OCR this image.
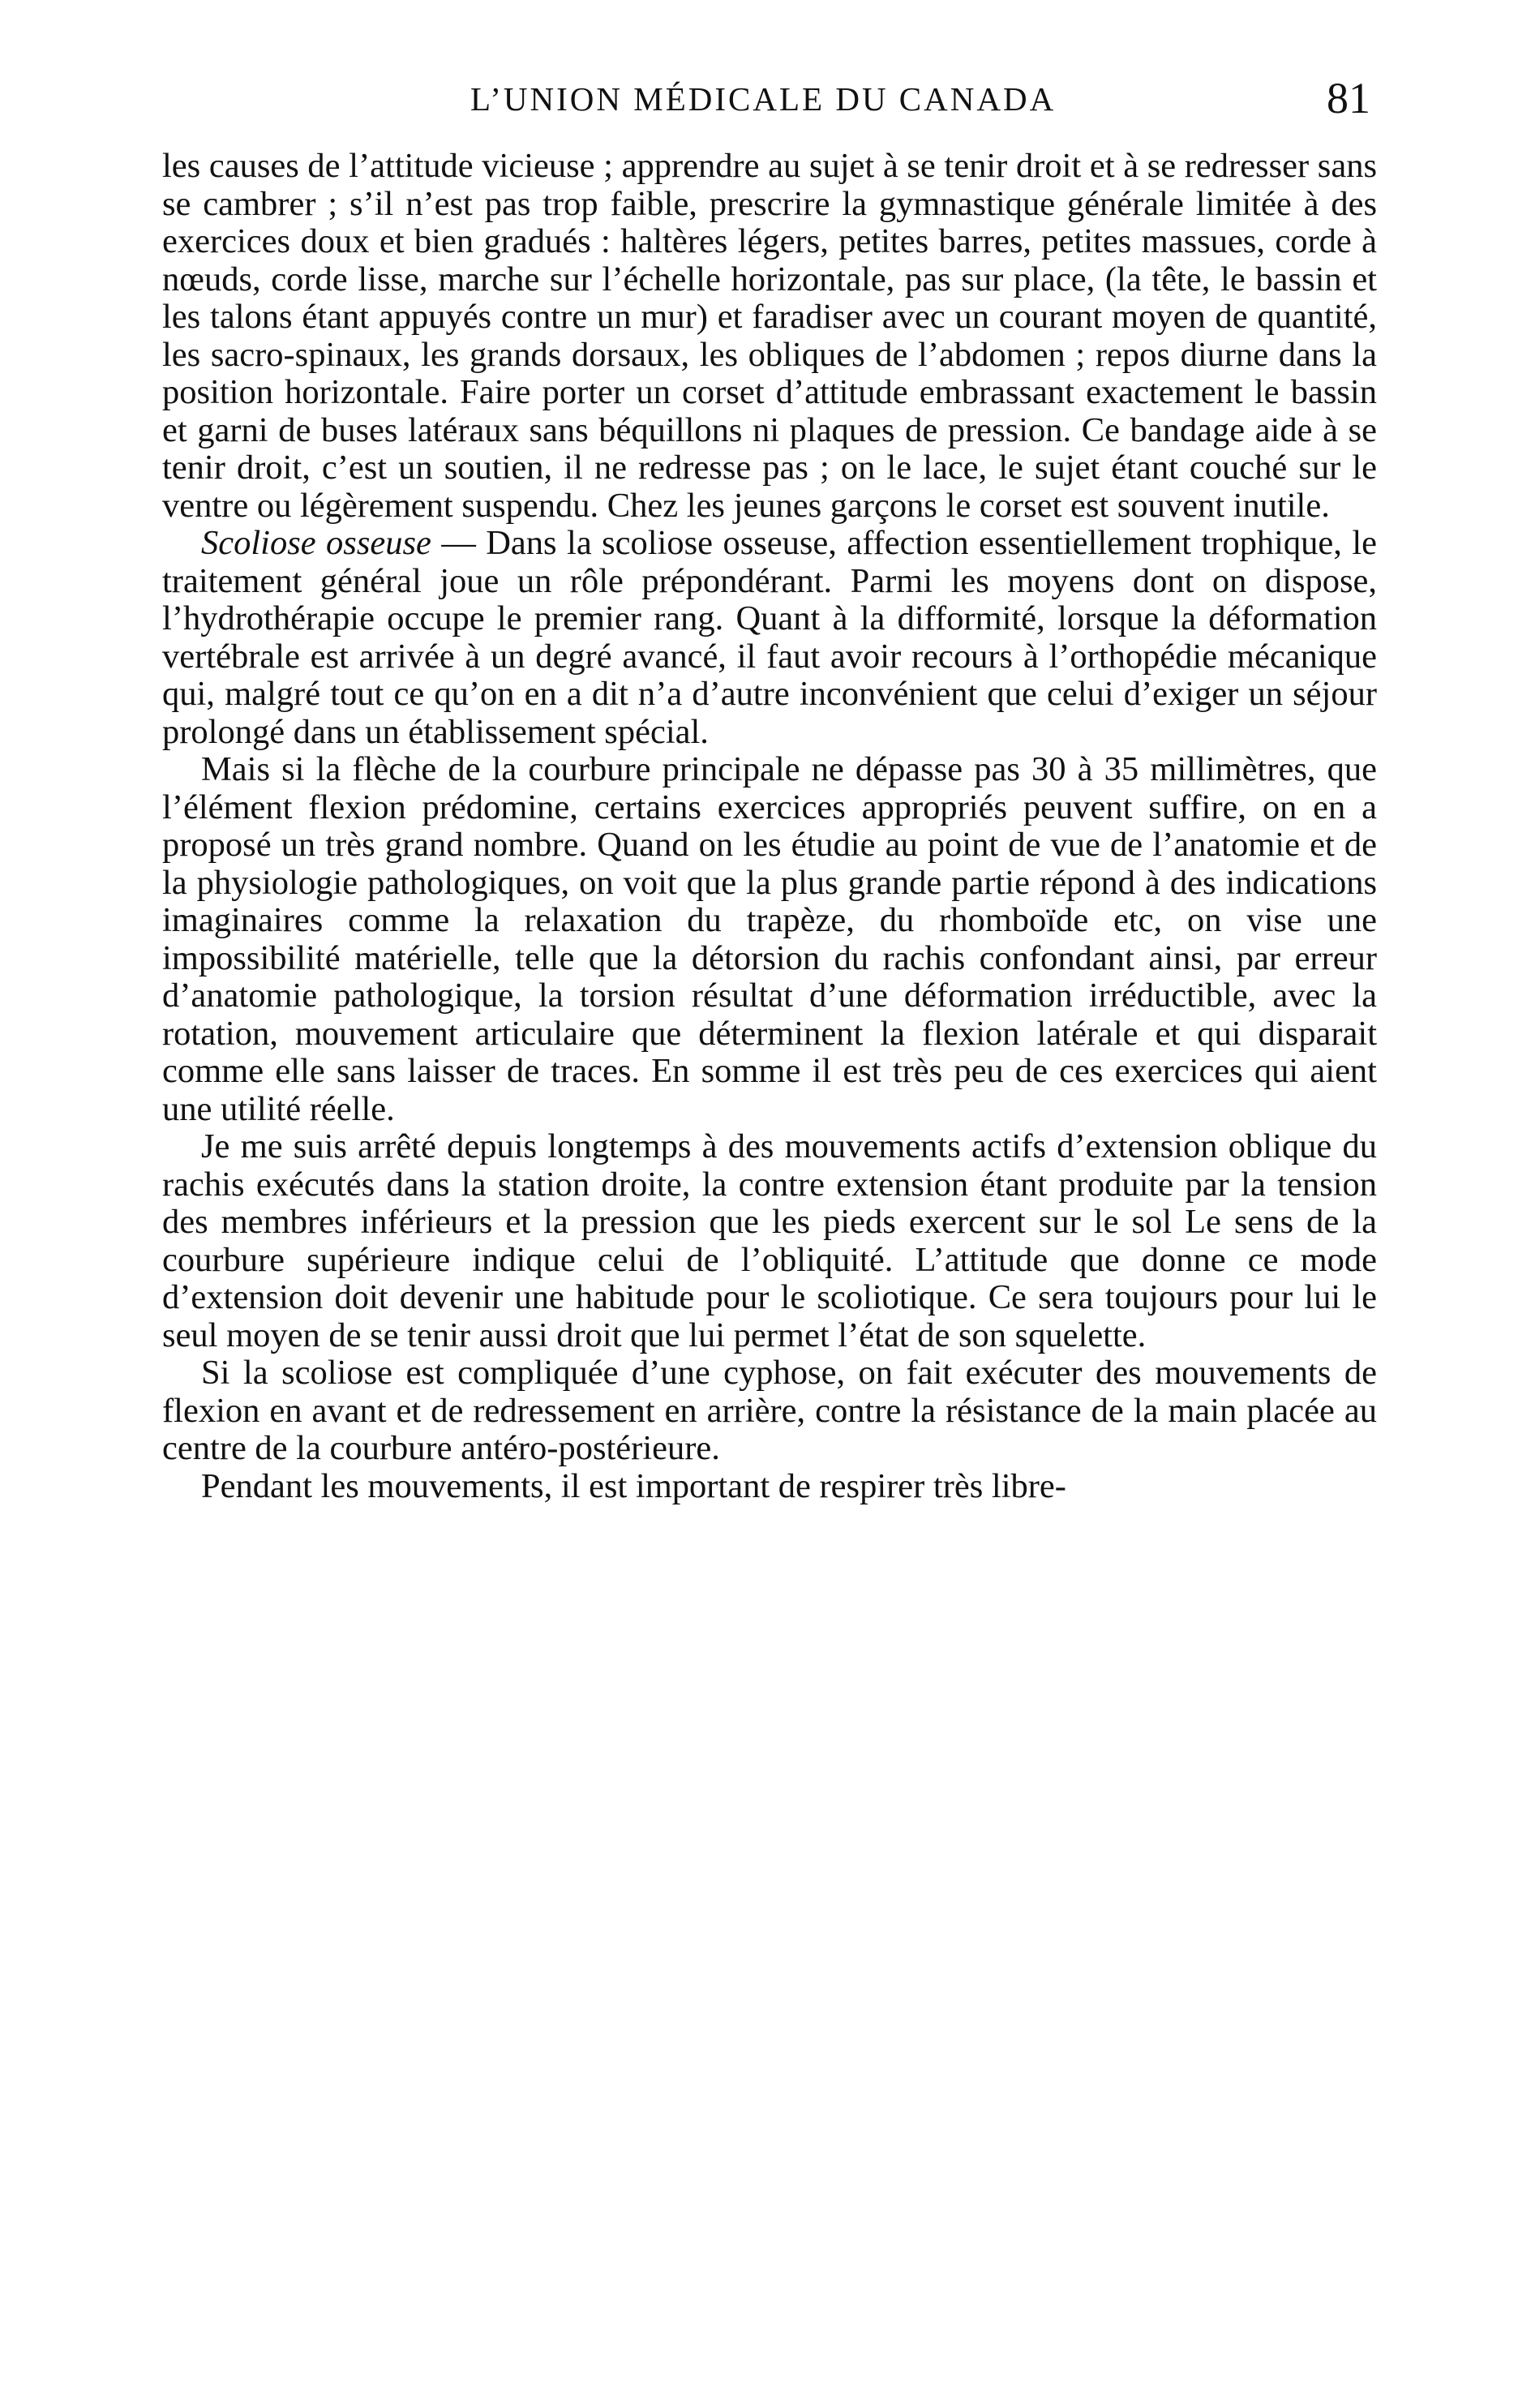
L’UNION MÉDICALE DU CANADA	81

les causes de l’attitude vicieuse ; apprendre au sujet à se tenir droit et à se redresser sans se cambrer ; s’il n’est pas trop faible, prescrire la gymnastique générale limitée à des exercices doux et bien gradués : haltères légers, petites barres, petites massues, corde à nœuds, corde lisse, marche sur l’échelle horizontale, pas sur place, (la tête, le bassin et les talons étant appuyés contre un mur) et faradiser avec un courant moyen de quantité, les sacro-spinaux, les grands dorsaux, les obliques de l’abdomen ; repos diurne dans la position horizontale. Faire porter un corset d’attitude embrassant exactement le bassin et garni de buses latéraux sans béquillons ni plaques de pression. Ce bandage aide à se tenir droit, c’est un soutien, il ne redresse pas ; on le lace, le sujet étant couché sur le ventre ou légèrement suspendu. Chez les jeunes garçons le corset est souvent inutile.

Scoliose osseuse — Dans la scoliose osseuse, affection essentiellement trophique, le traitement général joue un rôle prépondérant. Parmi les moyens dont on dispose, l’hydrothérapie occupe le premier rang. Quant à la difformité, lorsque la déformation vertébrale est arrivée à un degré avancé, il faut avoir recours à l’orthopédie mécanique qui, malgré tout ce qu’on en a dit n’a d’autre inconvénient que celui d’exiger un séjour prolongé dans un établissement spécial.

Mais si la flèche de la courbure principale ne dépasse pas 30 à 35 millimètres, que l’élément flexion prédomine, certains exercices appropriés peuvent suffire, on en a proposé un très grand nombre. Quand on les étudie au point de vue de l’anatomie et de la physiologie pathologiques, on voit que la plus grande partie répond à des indications imaginaires comme la relaxation du trapèze, du rhomboïde etc, on vise une impossibilité matérielle, telle que la détorsion du rachis confondant ainsi, par erreur d’anatomie pathologique, la torsion résultat d’une déformation irréductible, avec la rotation, mouvement articulaire que déterminent la flexion latérale et qui disparait comme elle sans laisser de traces. En somme il est très peu de ces exercices qui aient une utilité réelle.

Je me suis arrêté depuis longtemps à des mouvements actifs d’extension oblique du rachis exécutés dans la station droite, la contre extension étant produite par la tension des membres inférieurs et la pression que les pieds exercent sur le sol Le sens de la courbure supérieure indique celui de l’obliquité. L’attitude que donne ce mode d’extension doit devenir une habitude pour le scoliotique. Ce sera toujours pour lui le seul moyen de se tenir aussi droit que lui permet l’état de son squelette.

Si la scoliose est compliquée d’une cyphose, on fait exécuter des mouvements de flexion en avant et de redressement en arrière, contre la résistance de la main placée au centre de la courbure antéro-postérieure.

Pendant les mouvements, il est important de respirer très libre-
